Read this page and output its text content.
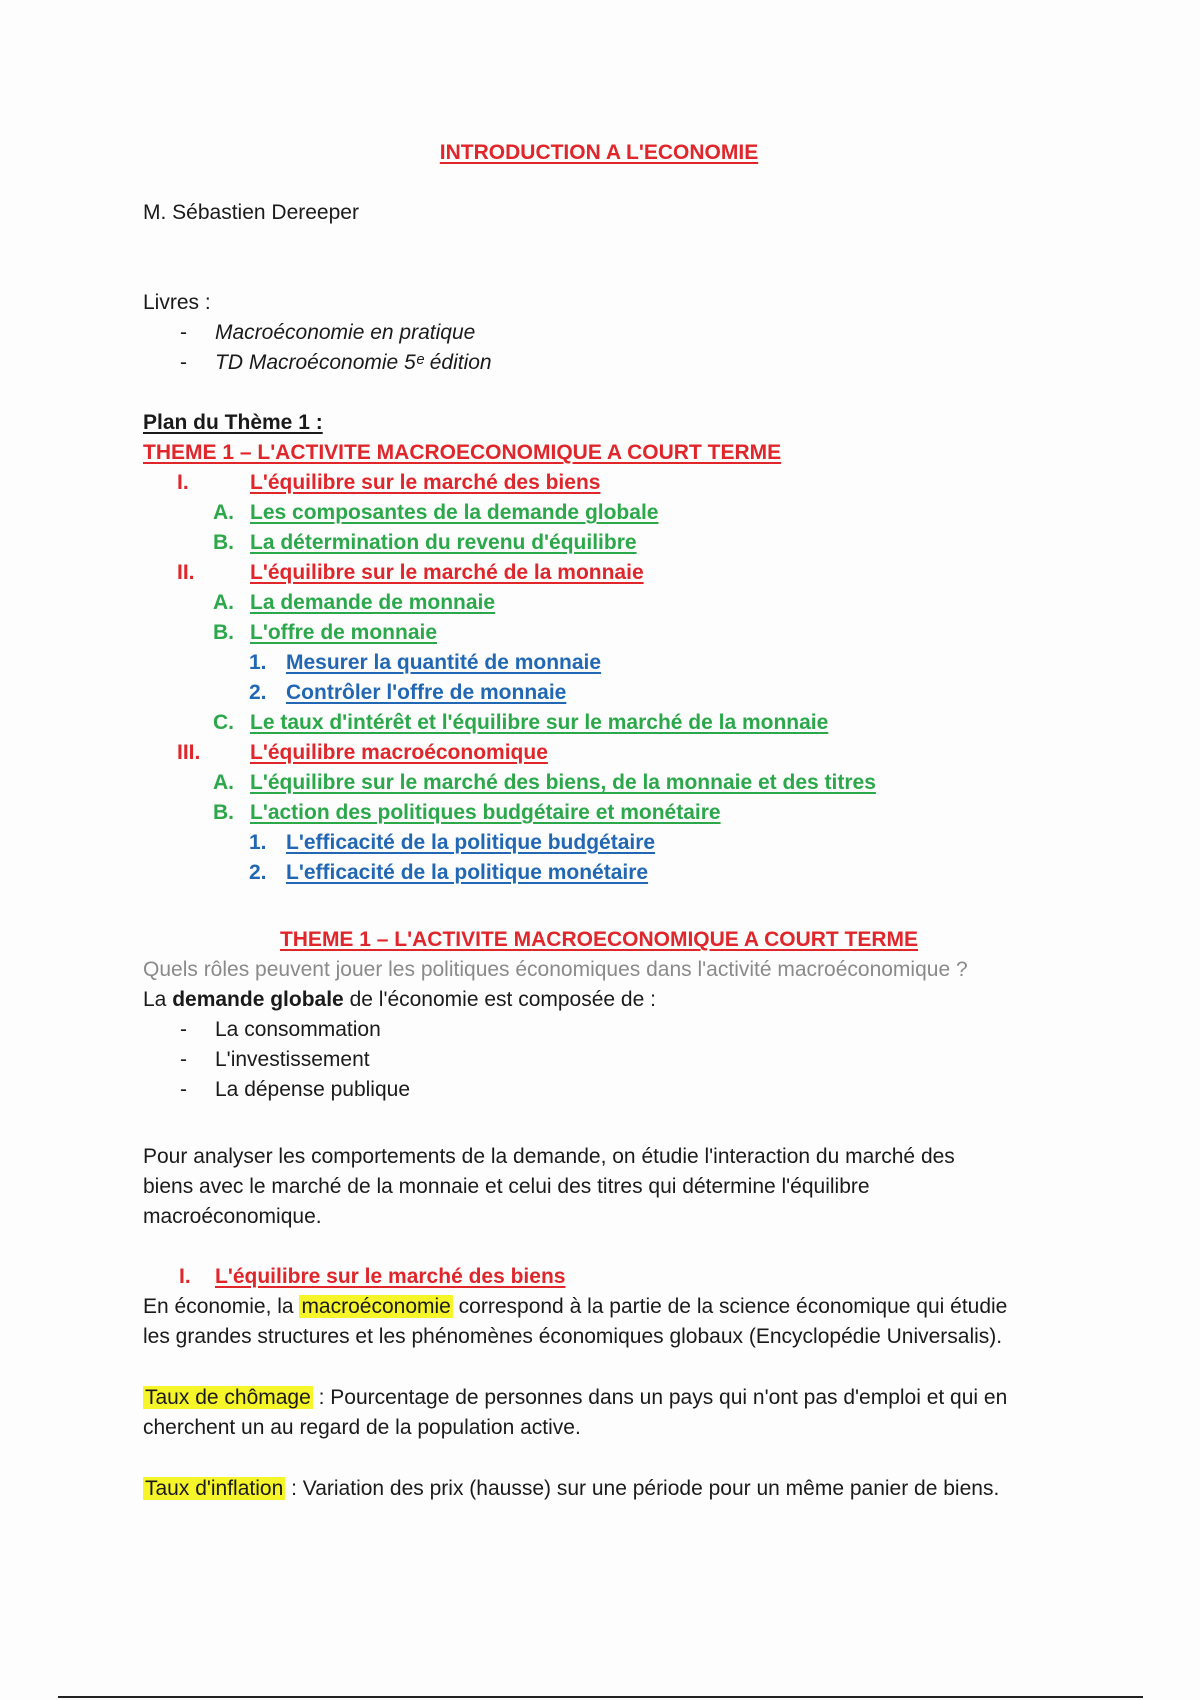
INTRODUCTION A L'ECONOMIE
M. Sébastien Dereeper
Livres :
- Macroéconomie en pratique
- TD Macroéconomie 5ᵉ édition
Plan du Thème 1 :
THEME 1 – L'ACTIVITE MACROECONOMIQUE A COURT TERME
I.	L'équilibre sur le marché des biens
A. Les composantes de la demande globale
B. La détermination du revenu d'équilibre
II.	L'équilibre sur le marché de la monnaie
A. La demande de monnaie
B. L'offre de monnaie
1. Mesurer la quantité de monnaie
2. Contrôler l'offre de monnaie
C. Le taux d'intérêt et l'équilibre sur le marché de la monnaie
III. L'équilibre macroéconomique
A. L'équilibre sur le marché des biens, de la monnaie et des titres
B. L'action des politiques budgétaire et monétaire
1. L'efficacité de la politique budgétaire
2. L'efficacité de la politique monétaire
THEME 1 – L'ACTIVITE MACROECONOMIQUE A COURT TERME
Quels rôles peuvent jouer les politiques économiques dans l'activité macroéconomique ?
La demande globale de l'économie est composée de :
- La consommation
- L'investissement
- La dépense publique
Pour analyser les comportements de la demande, on étudie l'interaction du marché des
biens avec le marché de la monnaie et celui des titres qui détermine l'équilibre
macroéconomique.
I. L'équilibre sur le marché des biens
En économie, la macroéconomie correspond à la partie de la science économique qui étudie
les grandes structures et les phénomènes économiques globaux (Encyclopédie Universalis).
Taux de chômage : Pourcentage de personnes dans un pays qui n'ont pas d'emploi et qui en
cherchent un au regard de la population active.
Taux d'inflation : Variation des prix (hausse) sur une période pour un même panier de biens.
